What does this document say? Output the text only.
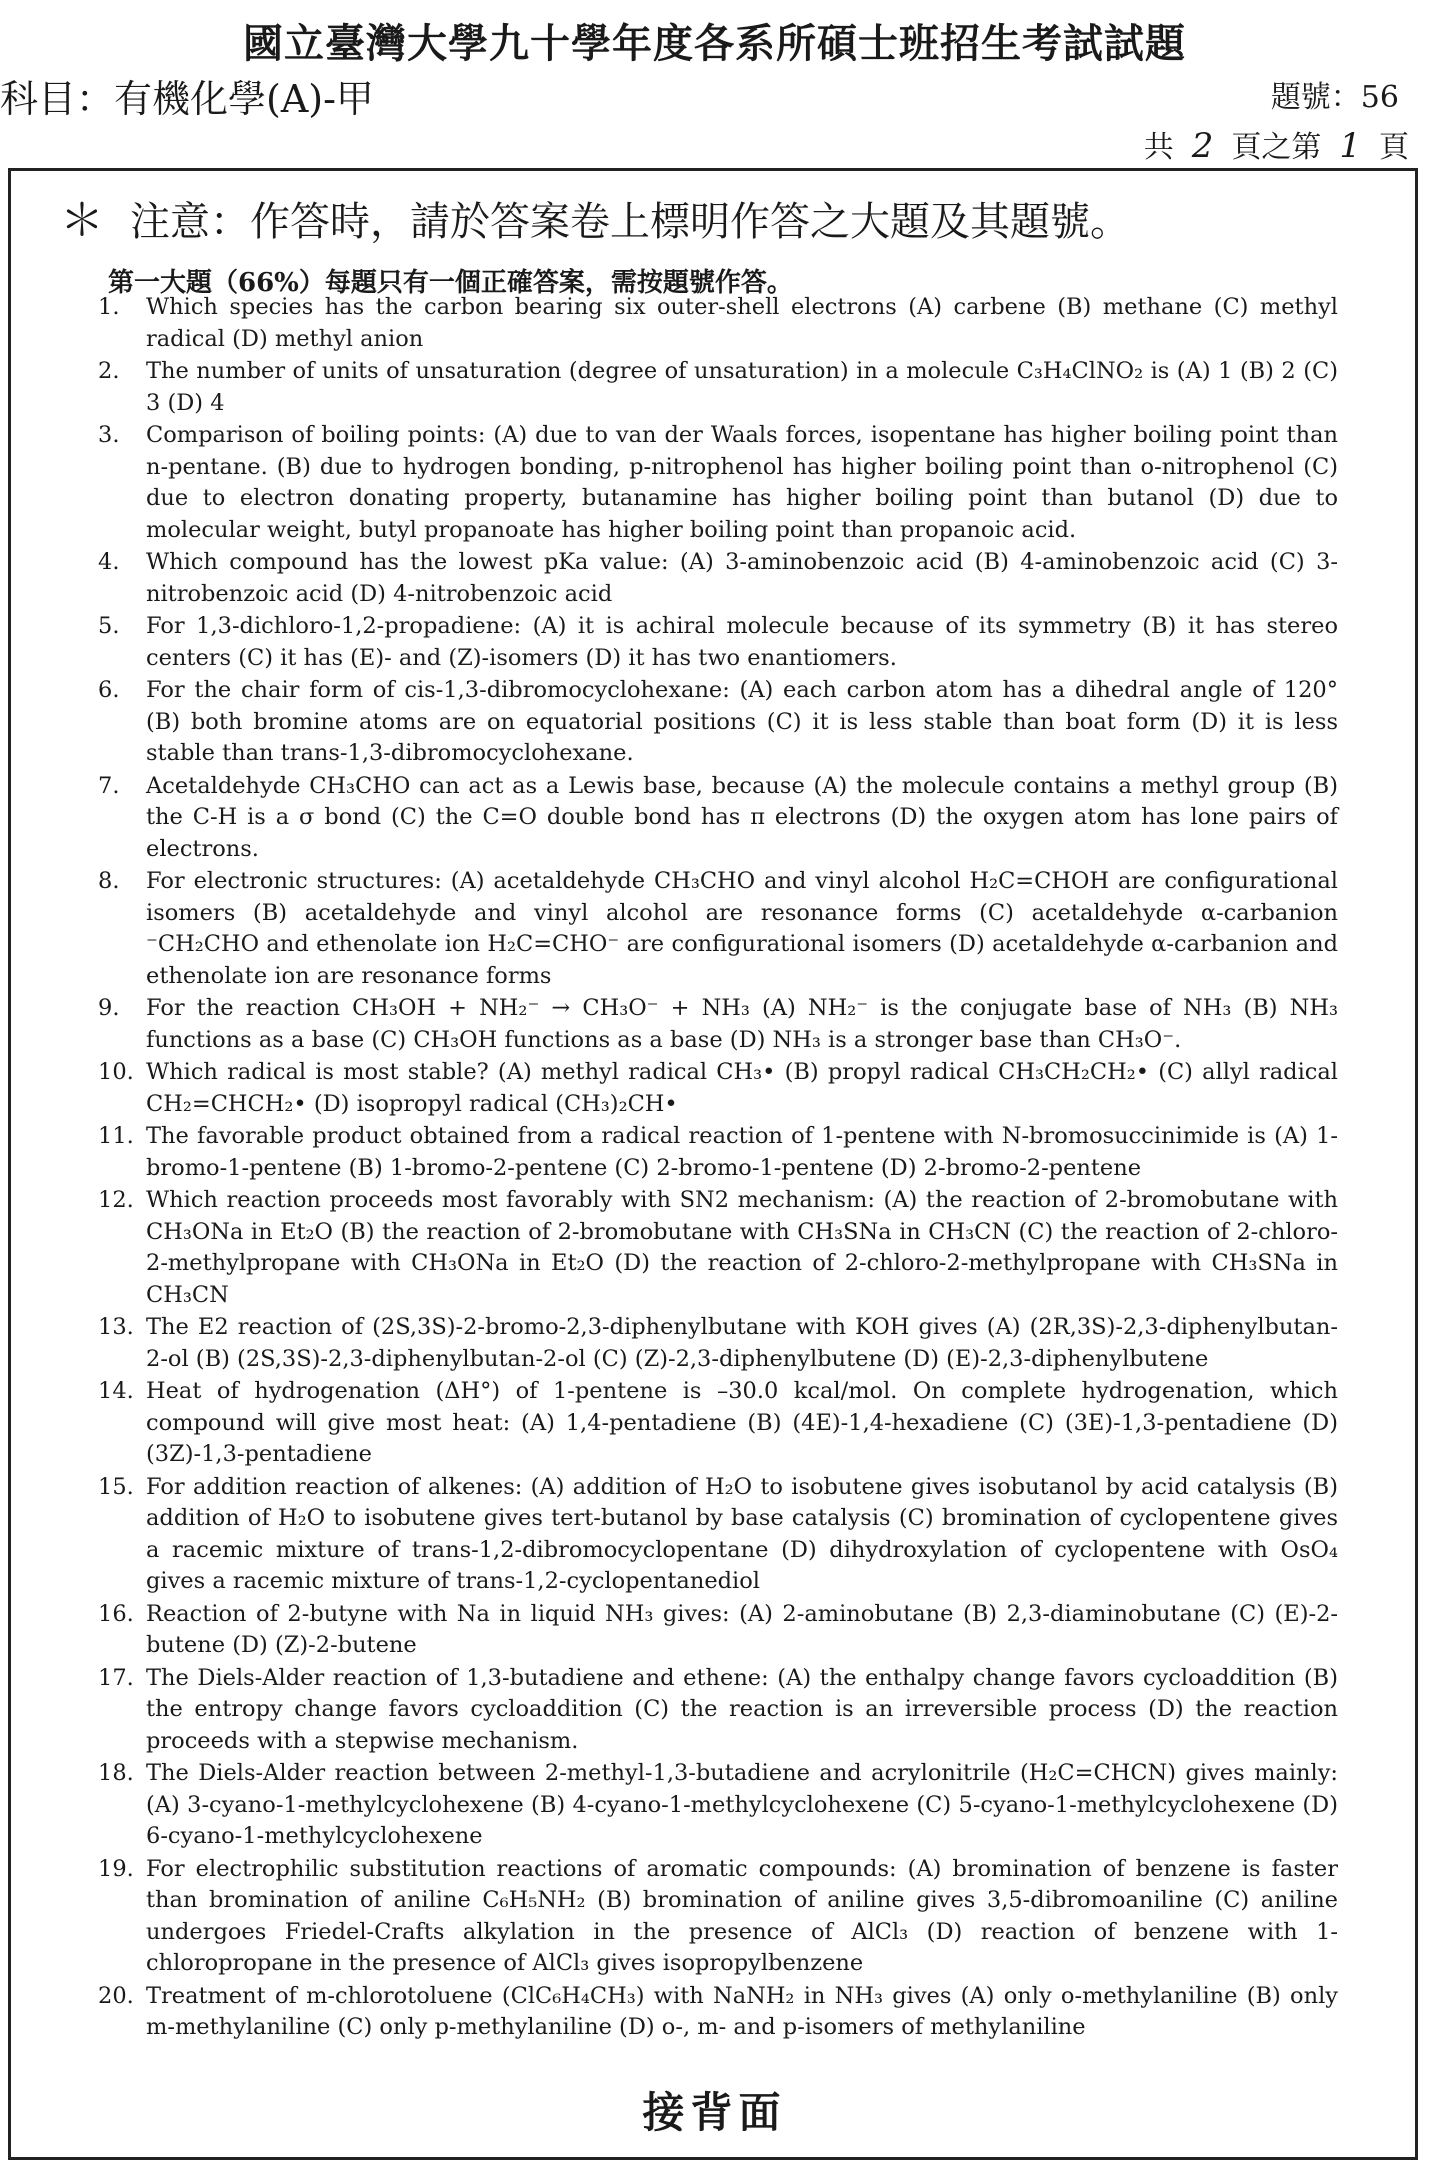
國立臺灣大學九十學年度各系所碩士班招生考試試題
科目：有機化學(A)-甲	題號：56
共 2 頁之第 1 頁
＊ 注意：作答時，請於答案卷上標明作答之大題及其題號。
第一大題（66%）每題只有一個正確答案，需按題號作答。
1. Which species has the carbon bearing six outer-shell electrons (A) carbene (B) methane (C) methyl radical (D) methyl anion
2. The number of units of unsaturation (degree of unsaturation) in a molecule C₃H₄ClNO₂ is (A) 1 (B) 2 (C) 3 (D) 4
3. Comparison of boiling points: (A) due to van der Waals forces, isopentane has higher boiling point than n-pentane. (B) due to hydrogen bonding, p-nitrophenol has higher boiling point than o-nitrophenol (C) due to electron donating property, butanamine has higher boiling point than butanol (D) due to molecular weight, butyl propanoate has higher boiling point than propanoic acid.
4. Which compound has the lowest pKa value: (A) 3-aminobenzoic acid (B) 4-aminobenzoic acid (C) 3-nitrobenzoic acid (D) 4-nitrobenzoic acid
5. For 1,3-dichloro-1,2-propadiene: (A) it is achiral molecule because of its symmetry (B) it has stereo centers (C) it has (E)- and (Z)-isomers (D) it has two enantiomers.
6. For the chair form of cis-1,3-dibromocyclohexane: (A) each carbon atom has a dihedral angle of 120° (B) both bromine atoms are on equatorial positions (C) it is less stable than boat form (D) it is less stable than trans-1,3-dibromocyclohexane.
7. Acetaldehyde CH₃CHO can act as a Lewis base, because (A) the molecule contains a methyl group (B) the C-H is a σ bond (C) the C=O double bond has π electrons (D) the oxygen atom has lone pairs of electrons.
8. For electronic structures: (A) acetaldehyde CH₃CHO and vinyl alcohol H₂C=CHOH are configurational isomers (B) acetaldehyde and vinyl alcohol are resonance forms (C) acetaldehyde α-carbanion ⁻CH₂CHO and ethenolate ion H₂C=CHO⁻ are configurational isomers (D) acetaldehyde α-carbanion and ethenolate ion are resonance forms
9. For the reaction CH₃OH + NH₂⁻ → CH₃O⁻ + NH₃ (A) NH₂⁻ is the conjugate base of NH₃ (B) NH₃ functions as a base (C) CH₃OH functions as a base (D) NH₃ is a stronger base than CH₃O⁻.
10. Which radical is most stable? (A) methyl radical CH₃• (B) propyl radical CH₃CH₂CH₂• (C) allyl radical CH₂=CHCH₂• (D) isopropyl radical (CH₃)₂CH•
11. The favorable product obtained from a radical reaction of 1-pentene with N-bromosuccinimide is (A) 1-bromo-1-pentene (B) 1-bromo-2-pentene (C) 2-bromo-1-pentene (D) 2-bromo-2-pentene
12. Which reaction proceeds most favorably with SN2 mechanism: (A) the reaction of 2-bromobutane with CH₃ONa in Et₂O (B) the reaction of 2-bromobutane with CH₃SNa in CH₃CN (C) the reaction of 2-chloro-2-methylpropane with CH₃ONa in Et₂O (D) the reaction of 2-chloro-2-methylpropane with CH₃SNa in CH₃CN
13. The E2 reaction of (2S,3S)-2-bromo-2,3-diphenylbutane with KOH gives (A) (2R,3S)-2,3-diphenylbutan-2-ol (B) (2S,3S)-2,3-diphenylbutan-2-ol (C) (Z)-2,3-diphenylbutene (D) (E)-2,3-diphenylbutene
14. Heat of hydrogenation (ΔH°) of 1-pentene is –30.0 kcal/mol. On complete hydrogenation, which compound will give most heat: (A) 1,4-pentadiene (B) (4E)-1,4-hexadiene (C) (3E)-1,3-pentadiene (D) (3Z)-1,3-pentadiene
15. For addition reaction of alkenes: (A) addition of H₂O to isobutene gives isobutanol by acid catalysis (B) addition of H₂O to isobutene gives tert-butanol by base catalysis (C) bromination of cyclopentene gives a racemic mixture of trans-1,2-dibromocyclopentane (D) dihydroxylation of cyclopentene with OsO₄ gives a racemic mixture of trans-1,2-cyclopentanediol
16. Reaction of 2-butyne with Na in liquid NH₃ gives: (A) 2-aminobutane (B) 2,3-diaminobutane (C) (E)-2-butene (D) (Z)-2-butene
17. The Diels-Alder reaction of 1,3-butadiene and ethene: (A) the enthalpy change favors cycloaddition (B) the entropy change favors cycloaddition (C) the reaction is an irreversible process (D) the reaction proceeds with a stepwise mechanism.
18. The Diels-Alder reaction between 2-methyl-1,3-butadiene and acrylonitrile (H₂C=CHCN) gives mainly: (A) 3-cyano-1-methylcyclohexene (B) 4-cyano-1-methylcyclohexene (C) 5-cyano-1-methylcyclohexene (D) 6-cyano-1-methylcyclohexene
19. For electrophilic substitution reactions of aromatic compounds: (A) bromination of benzene is faster than bromination of aniline C₆H₅NH₂ (B) bromination of aniline gives 3,5-dibromoaniline (C) aniline undergoes Friedel-Crafts alkylation in the presence of AlCl₃ (D) reaction of benzene with 1-chloropropane in the presence of AlCl₃ gives isopropylbenzene
20. Treatment of m-chlorotoluene (ClC₆H₄CH₃) with NaNH₂ in NH₃ gives (A) only o-methylaniline (B) only m-methylaniline (C) only p-methylaniline (D) o-, m- and p-isomers of methylaniline
接背面
